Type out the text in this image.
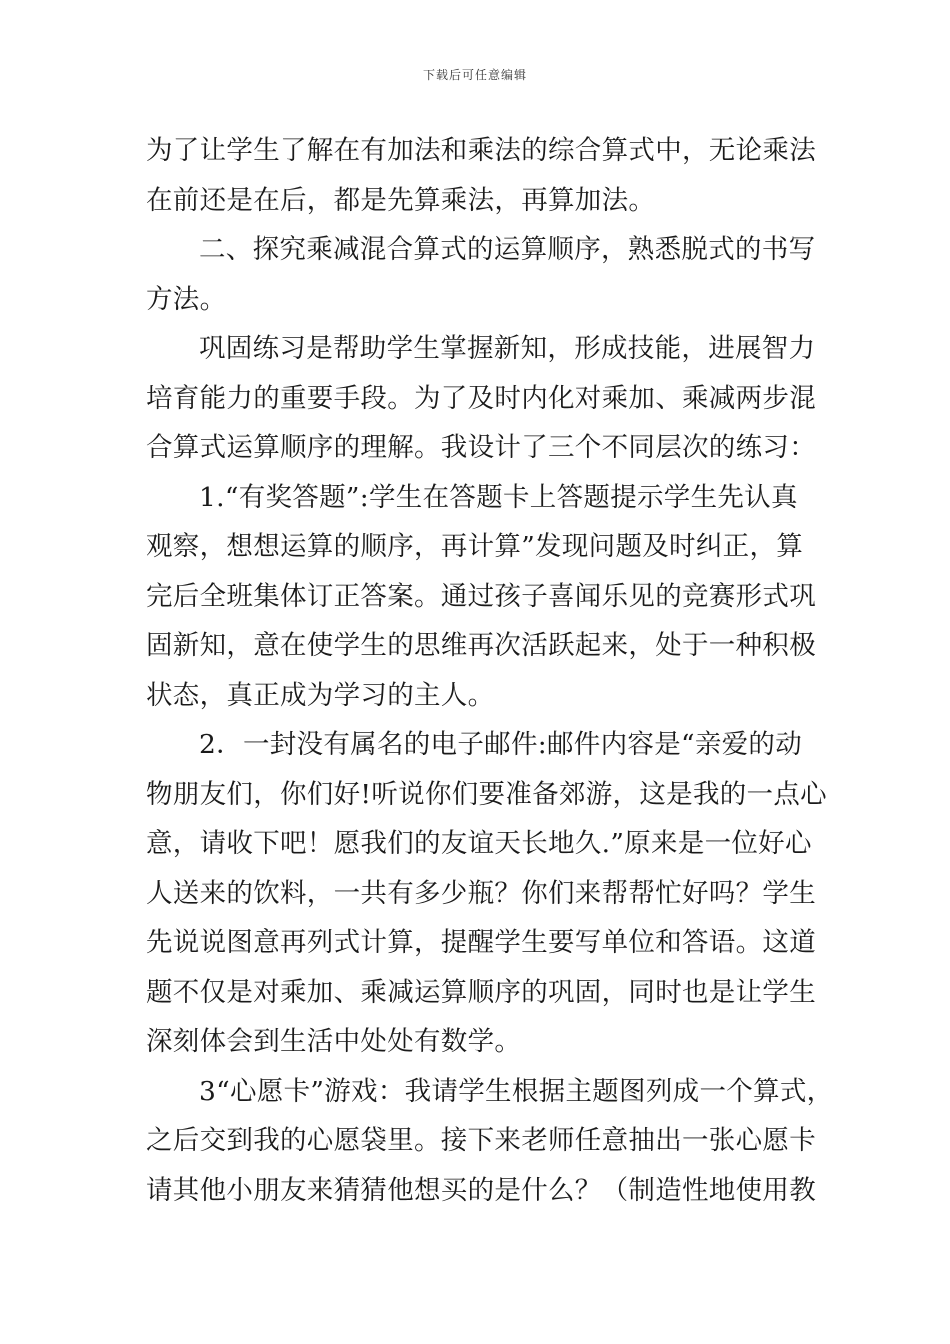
下载后可任意编辑
为了让学生了解在有加法和乘法的综合算式中，无论乘法
在前还是在后，都是先算乘法，再算加法。
二、探究乘减混合算式的运算顺序，熟悉脱式的书写
方法。
巩固练习是帮助学生掌握新知，形成技能，进展智力
培育能力的重要手段。为了及时内化对乘加、乘减两步混
合算式运算顺序的理解。我设计了三个不同层次的练习：
1.“有奖答题”:学生在答题卡上答题提示学生先认真
观察，想想运算的顺序，再计算”发现问题及时纠正，算
完后全班集体订正答案。通过孩子喜闻乐见的竞赛形式巩
固新知，意在使学生的思维再次活跃起来，处于一种积极
状态，真正成为学习的主人。
2．一封没有属名的电子邮件:邮件内容是“亲爱的动
物朋友们，你们好!听说你们要准备郊游，这是我的一点心
意，请收下吧！愿我们的友谊天长地久.”原来是一位好心
人送来的饮料，一共有多少瓶？你们来帮帮忙好吗？学生
先说说图意再列式计算，提醒学生要写单位和答语。这道
题不仅是对乘加、乘减运算顺序的巩固，同时也是让学生
深刻体会到生活中处处有数学。
3“心愿卡”游戏：我请学生根据主题图列成一个算式，
之后交到我的心愿袋里。接下来老师任意抽出一张心愿卡
请其他小朋友来猜猜他想买的是什么？（制造性地使用教
